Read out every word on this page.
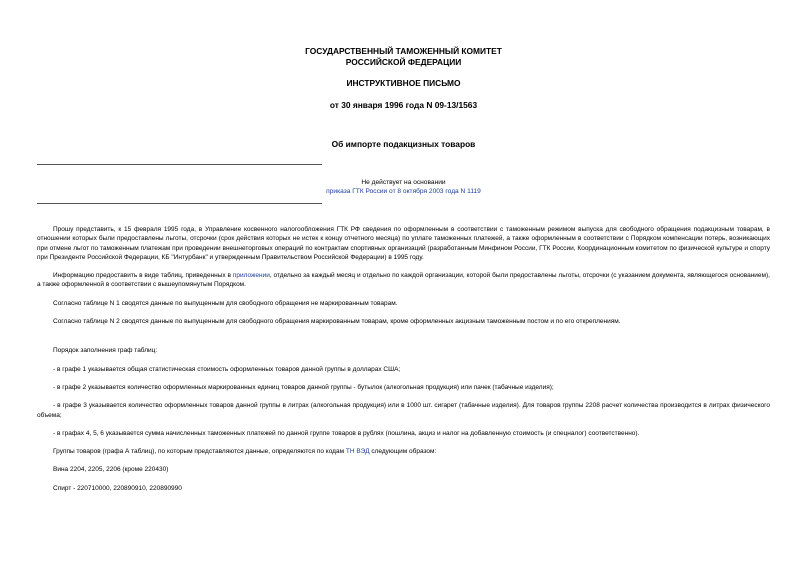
ГОСУДАРСТВЕННЫЙ ТАМОЖЕННЫЙ КОМИТЕТ
РОССИЙСКОЙ ФЕДЕРАЦИИ
ИНСТРУКТИВНОЕ ПИСЬМО
от 30 января 1996 года N 09-13/1563
Об импорте подакцизных товаров
Не действует на основании
приказа ГТК России от 8 октября 2003 года N 1119

Прошу представить, к 15 февраля 1995 года, в Управление косвенного налогообложения ГТК РФ сведения по оформленным в соответствии с таможенным режимом выпуска для свободного обращения подакцизным товарам, в отношении которых были предоставлены льготы, отсрочки (срок действия которых не истек к концу отчетного месяца) по уплате таможенных платежей, а также оформленным в соответствии с Порядком компенсации потерь, возникающих при отмене льгот по таможенным платежам при проведении внешнеторговых операций по контрактам спортивных организаций (разработанным Минфином России, ГТК России, Координационным комитетом по физической культуре и спорту при Президенте Российской Федерации, КБ "Интурбанк" и утвержденным Правительством Российской Федерации) в 1995 году.

Информацию предоставить в виде таблиц, приведенных в приложении, отдельно за каждый месяц и отдельно по каждой организации, которой были предоставлены льготы, отсрочки (с указанием документа, являющегося основанием), а также оформленной в соответствии с вышеупомянутым Порядком.

Согласно таблице N 1 сводятся данные по выпущенным для свободного обращения не маркированным товарам.

Согласно таблице N 2 сводятся данные по выпущенным для свободного обращения маркированным товарам, кроме оформленных акцизным таможенным постом и по его откреплениям.

Порядок заполнения граф таблиц:

- в графе 1 указывается общая статистическая стоимость оформленных товаров данной группы в долларах США;

- в графе 2 указывается количество оформленных маркированных единиц товаров данной группы - бутылок (алкогольная продукция) или пачек (табачные изделия);

- в графе 3 указывается количество оформленных товаров данной группы в литрах (алкогольная продукция) или в 1000 шт. сигарет (табачные изделия). Для товаров группы 2208 расчет количества производится в литрах физического объема;

- в графах 4, 5, 6 указывается сумма начисленных таможенных платежей по данной группе товаров в рублях (пошлина, акциз и налог на добавленную стоимость (и спецналог) соответственно).

Группы товаров (графа А таблиц), по которым представляются данные, определяются по кодам ТН ВЭД следующим образом:

Вина 2204, 2205, 2206 (кроме 220430)

Спирт - 220710000, 220890910, 220890990
